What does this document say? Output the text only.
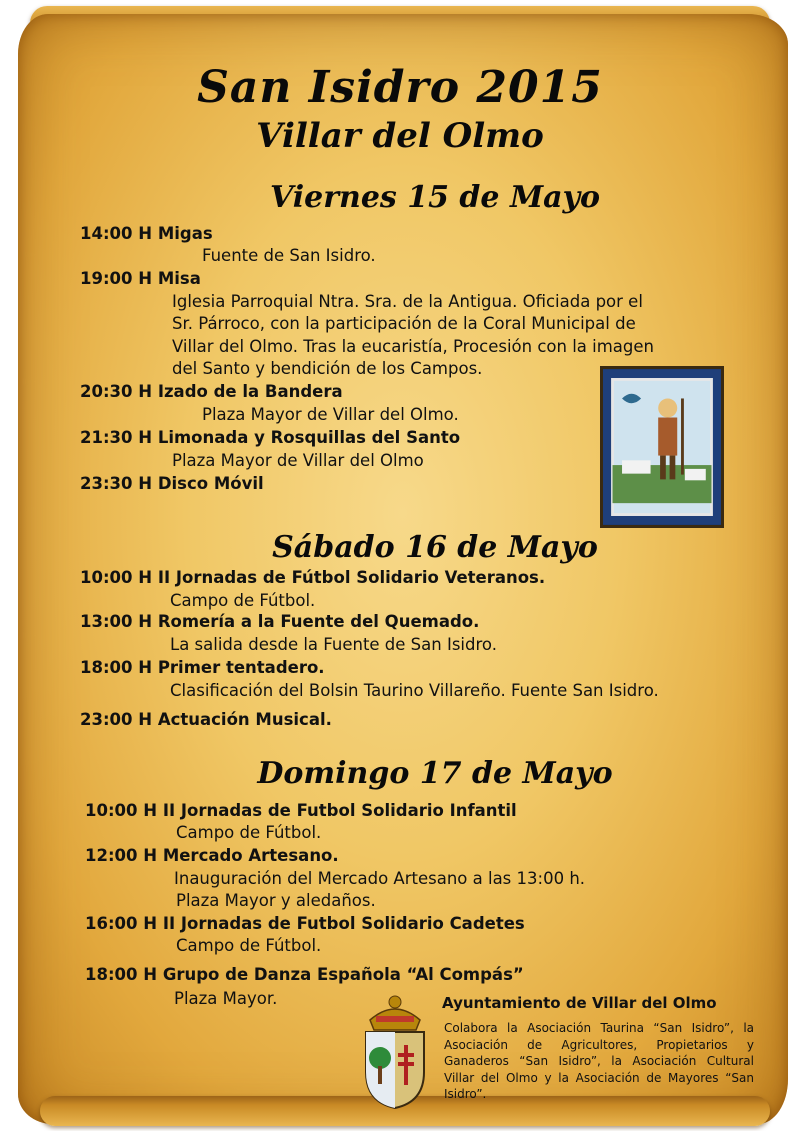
San Isidro 2015
Villar del Olmo
Viernes 15 de Mayo
14:00 H Migas
Fuente de San Isidro.
19:00 H Misa
Iglesia Parroquial Ntra. Sra. de la Antigua. Oficiada por el
Sr. Párroco, con la participación de la Coral Municipal de
Villar del Olmo. Tras la eucaristía, Procesión con la imagen
del Santo y bendición de los Campos.
20:30 H Izado de la Bandera
Plaza Mayor de Villar del Olmo.
21:30 H Limonada y Rosquillas del Santo
Plaza Mayor de Villar del Olmo
23:30 H Disco Móvil
Sábado 16 de Mayo
10:00 H II Jornadas de Fútbol Solidario Veteranos.
Campo de Fútbol.
13:00 H Romería a la Fuente del Quemado.
La salida desde la Fuente de San Isidro.
18:00 H Primer tentadero.
Clasificación del Bolsin Taurino Villareño. Fuente San Isidro.
23:00 H Actuación Musical.
Domingo 17 de Mayo
10:00 H II Jornadas de Futbol Solidario Infantil
Campo de Fútbol.
12:00 H Mercado Artesano.
Inauguración del Mercado Artesano a las 13:00 h.
Plaza Mayor y aledaños.
16:00 H II Jornadas de Futbol Solidario Cadetes
Campo de Fútbol.
18:00 H Grupo de Danza Española “Al Compás”
Plaza Mayor.	Ayuntamiento de Villar del Olmo
Colabora la Asociación Taurina “San Isidro”, la Asociación de Agricultores, Propietarios y Ganaderos “San Isidro”, la Asociación Cultural Villar del Olmo y la Asociación de Mayores “San Isidro”.
